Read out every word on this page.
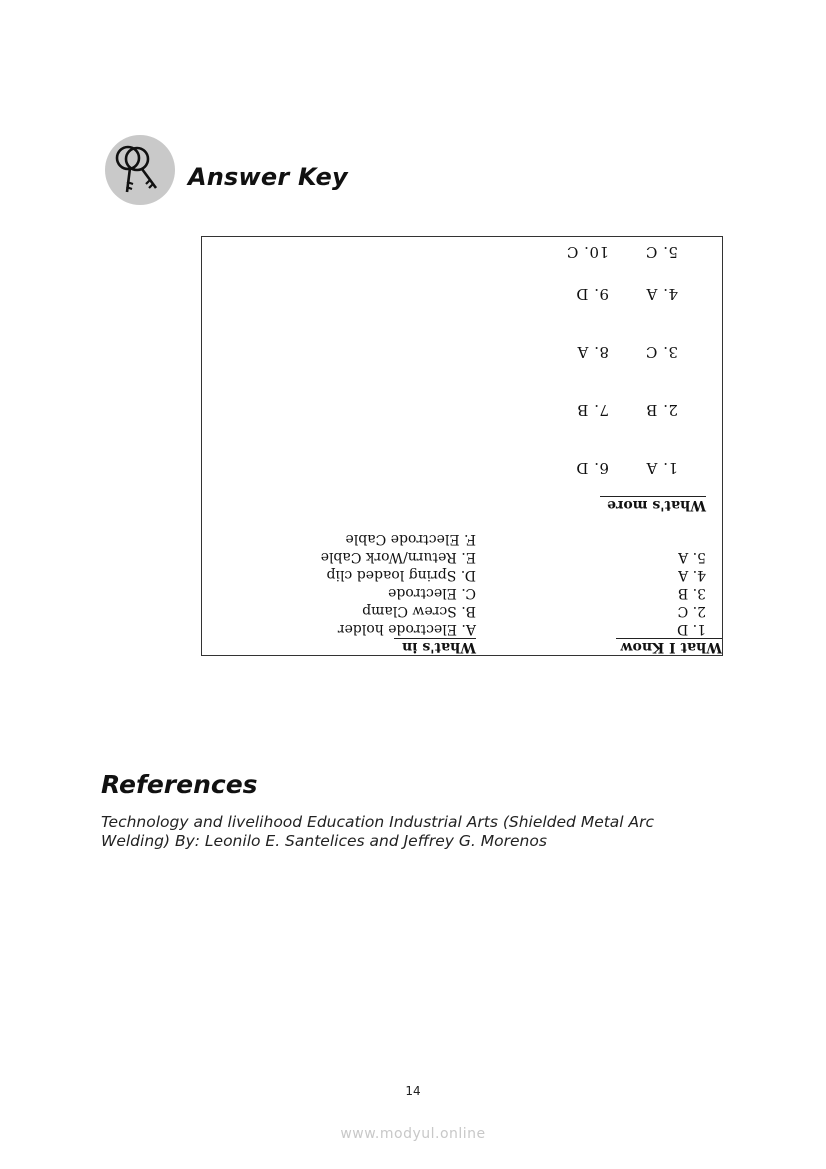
Answer Key
What I Know
1. D
2. C
3. B
4. A
5. A
What's in
A. Electrode holder
B. Screw Clamp
C. Electrode
D. Spring loaded clip
E. Return/Work Cable
F. Electrode Cable
What's more
1. A
2. B
3. C
4. A
5. C
6. D
7. B
8. A
9. D
10. C
References
Technology and livelihood Education Industrial Arts (Shielded Metal Arc Welding) By: Leonilo E. Santelices and Jeffrey G. Morenos
14
www.modyul.online
